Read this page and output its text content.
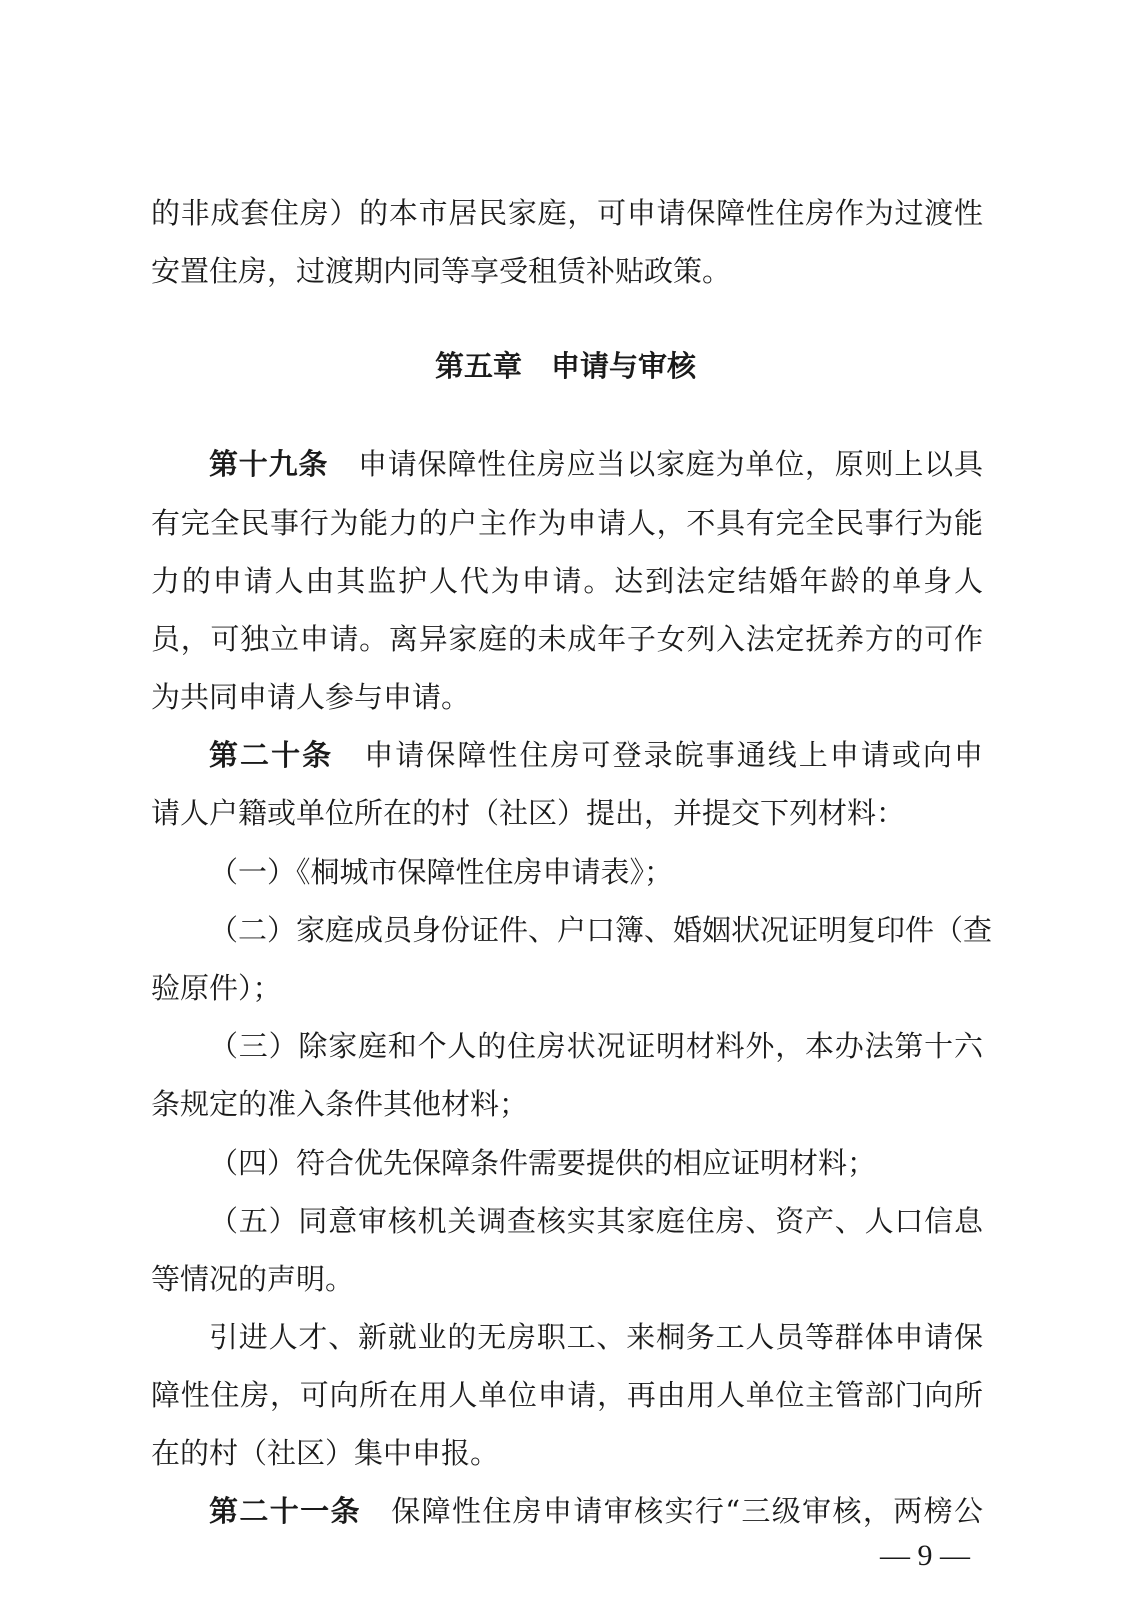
的非成套住房）的本市居民家庭，可申请保障性住房作为过渡性
安置住房，过渡期内同等享受租赁补贴政策。
第五章　申请与审核
第十九条　 申请保障性住房应当以家庭为单位，原则上以具
有完全民事行为能力的户主作为申请人，不具有完全民事行为能
力的申请人由其监护人代为申请。达到法定结婚年龄的单身人
员，可独立申请。离异家庭的未成年子女列入法定抚养方的可作
为共同申请人参与申请。
第二十条　 申请保障性住房可登录皖事通线上申请或向申
请人户籍或单位所在的村（社区）提出，并提交下列材料：
（一）《桐城市保障性住房申请表》；
（二）家庭成员身份证件、户口簿、婚姻状况证明复印件（查
验原件）；
（三）除家庭和个人的住房状况证明材料外，本办法第十六
条规定的准入条件其他材料；
（四）符合优先保障条件需要提供的相应证明材料；
（五）同意审核机关调查核实其家庭住房、资产、人口信息
等情况的声明。
引进人才、新就业的无房职工、来桐务工人员等群体申请保
障性住房，可向所在用人单位申请，再由用人单位主管部门向所
在的村（社区）集中申报。
第二十一条　 保障性住房申请审核实行“三级审核，两榜公
— 9 —
